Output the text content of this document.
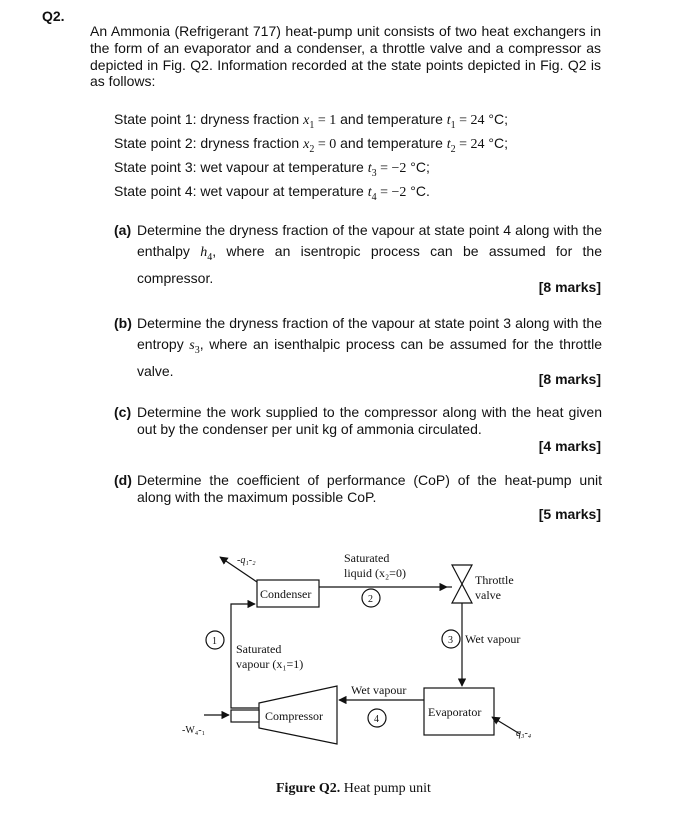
Q2.
An Ammonia (Refrigerant 717) heat-pump unit consists of two heat exchangers in the form of an evaporator and a condenser, a throttle valve and a compressor as depicted in Fig. Q2. Information recorded at the state points depicted in Fig. Q2 is as follows:
State point 1: dryness fraction $x_1 = 1$ and temperature $t_1 = 24$ °C;
State point 2: dryness fraction $x_2 = 0$ and temperature $t_2 = 24$ °C;
State point 3: wet vapour at temperature $t_3 = -2$ °C;
State point 4: wet vapour at temperature $t_4 = -2$ °C.
(a) Determine the dryness fraction of the vapour at state point 4 along with the enthalpy $h_4$, where an isentropic process can be assumed for the compressor.
[8 marks]
(b) Determine the dryness fraction of the vapour at state point 3 along with the entropy $s_3$, where an isenthalpic process can be assumed for the throttle valve.
[8 marks]
(c) Determine the work supplied to the compressor along with the heat given out by the condenser per unit kg of ammonia circulated.
[4 marks]
(d) Determine the coefficient of performance (CoP) of the heat-pump unit along with the maximum possible CoP.
[5 marks]
Condenser
Compressor	Evaporator
Throttle
valve
Saturated
liquid (x₂=0)
Saturated
vapour (x₁=1)
Wet vapour
Wet vapour
-q₁-₂
-W₄-₁	q₃-₄
1
2
3
4
Figure Q2. Heat pump unit
